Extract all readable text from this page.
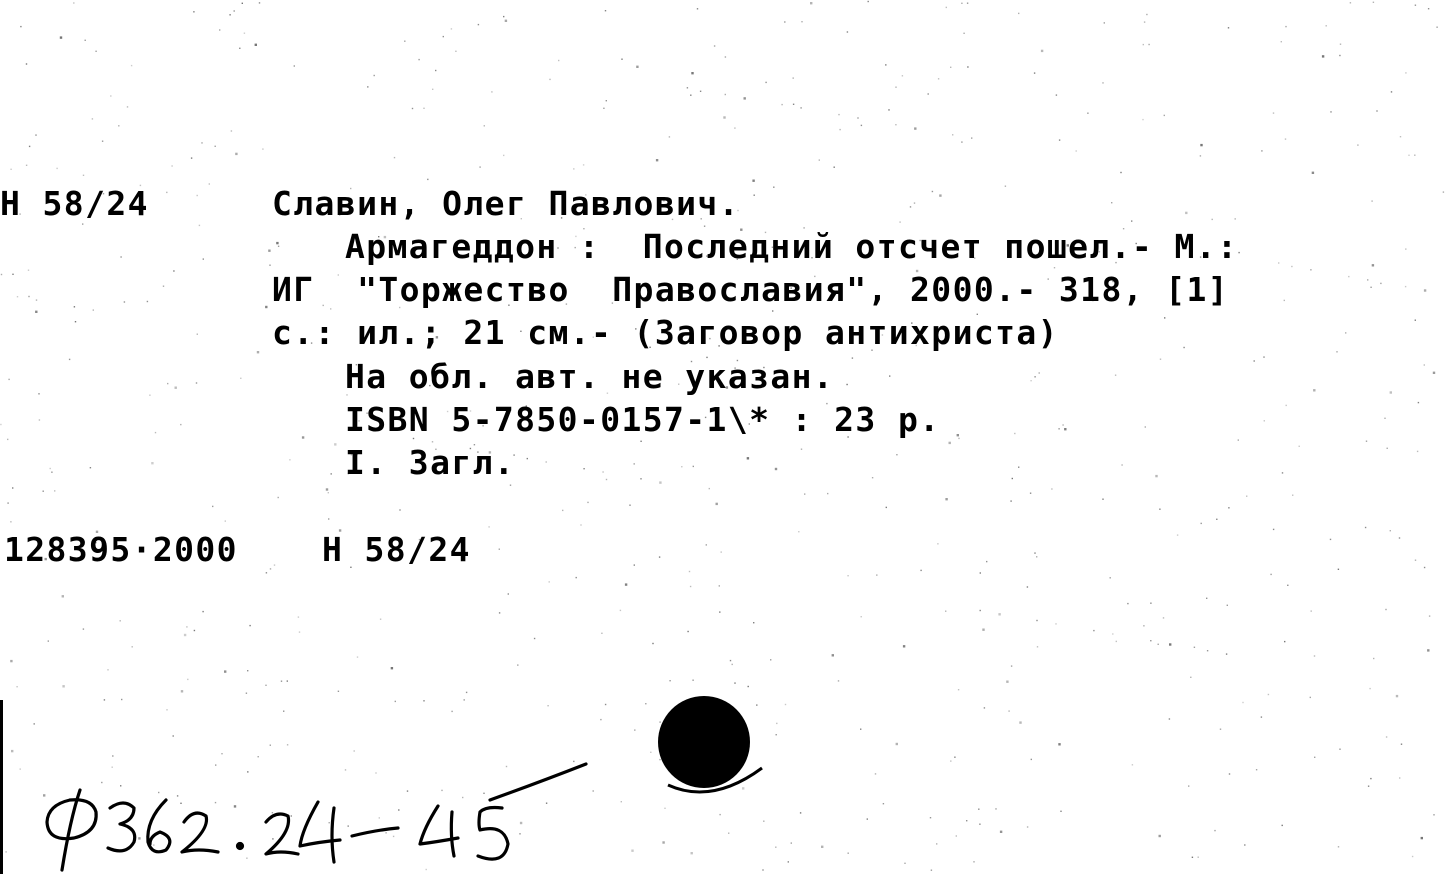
Н 58/24	Славин, Олег Павлович.
Армагеддон :  Последний отсчет пошел.- М.:
ИГ  "Торжество  Православия", 2000.- 318, [1]
с.: ил.; 21 см.- (Заговор антихриста)
На обл. авт. не указан.
ISBN 5-7850-0157-1\* : 23 р.
I. Загл.
128395·2000	Н 58/24
